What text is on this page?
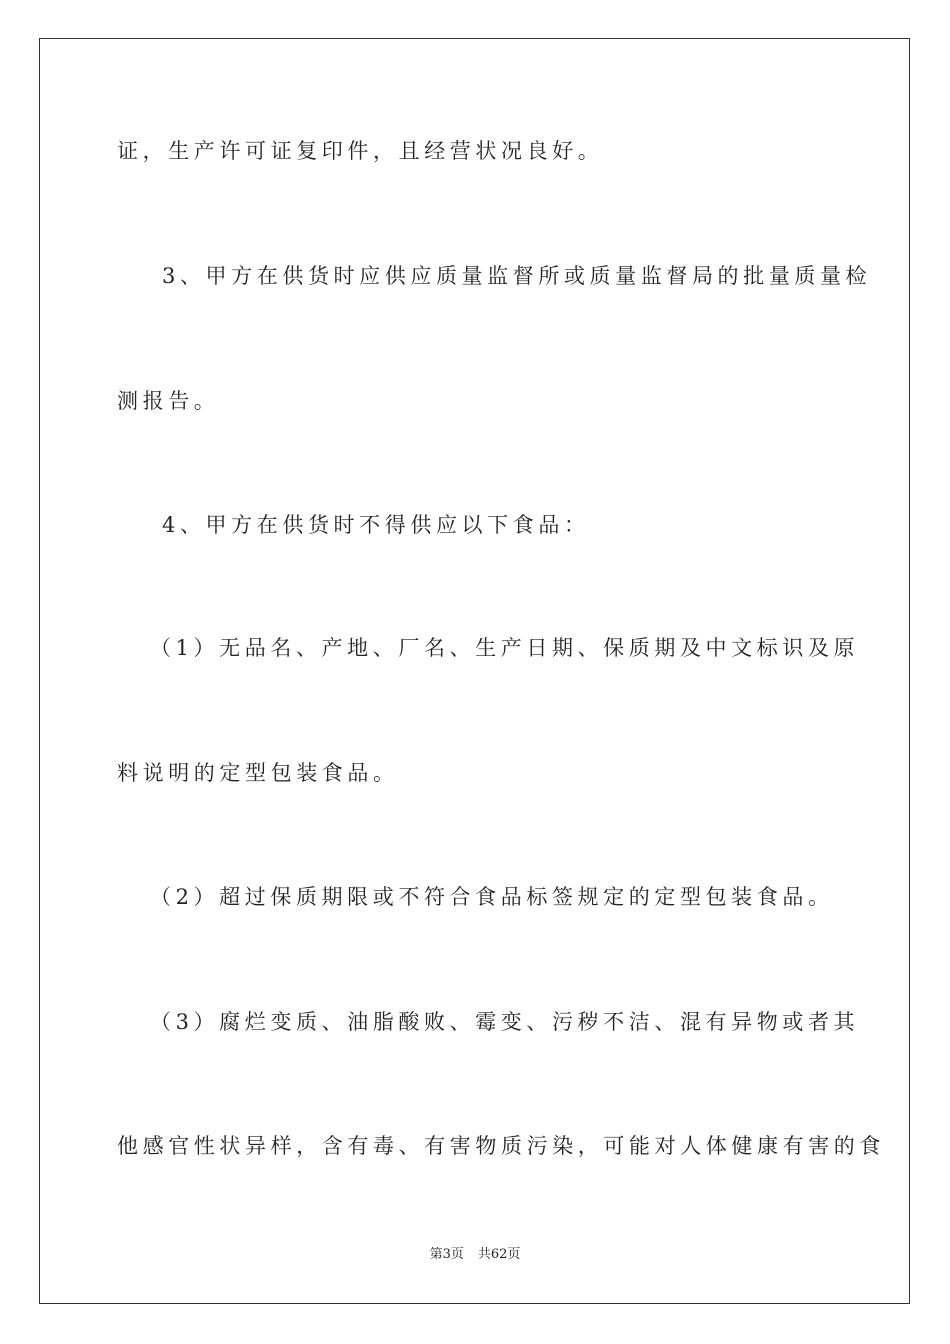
证，生产许可证复印件，且经营状况良好。
3、甲方在供货时应供应质量监督所或质量监督局的批量质量检
测报告。
4、甲方在供货时不得供应以下食品：
（1）无品名、产地、厂名、生产日期、保质期及中文标识及原
料说明的定型包装食品。
（2）超过保质期限或不符合食品标签规定的定型包装食品。
（3）腐烂变质、油脂酸败、霉变、污秽不洁、混有异物或者其
他感官性状异样，含有毒、有害物质污染，可能对人体健康有害的食
第3页 共62页
